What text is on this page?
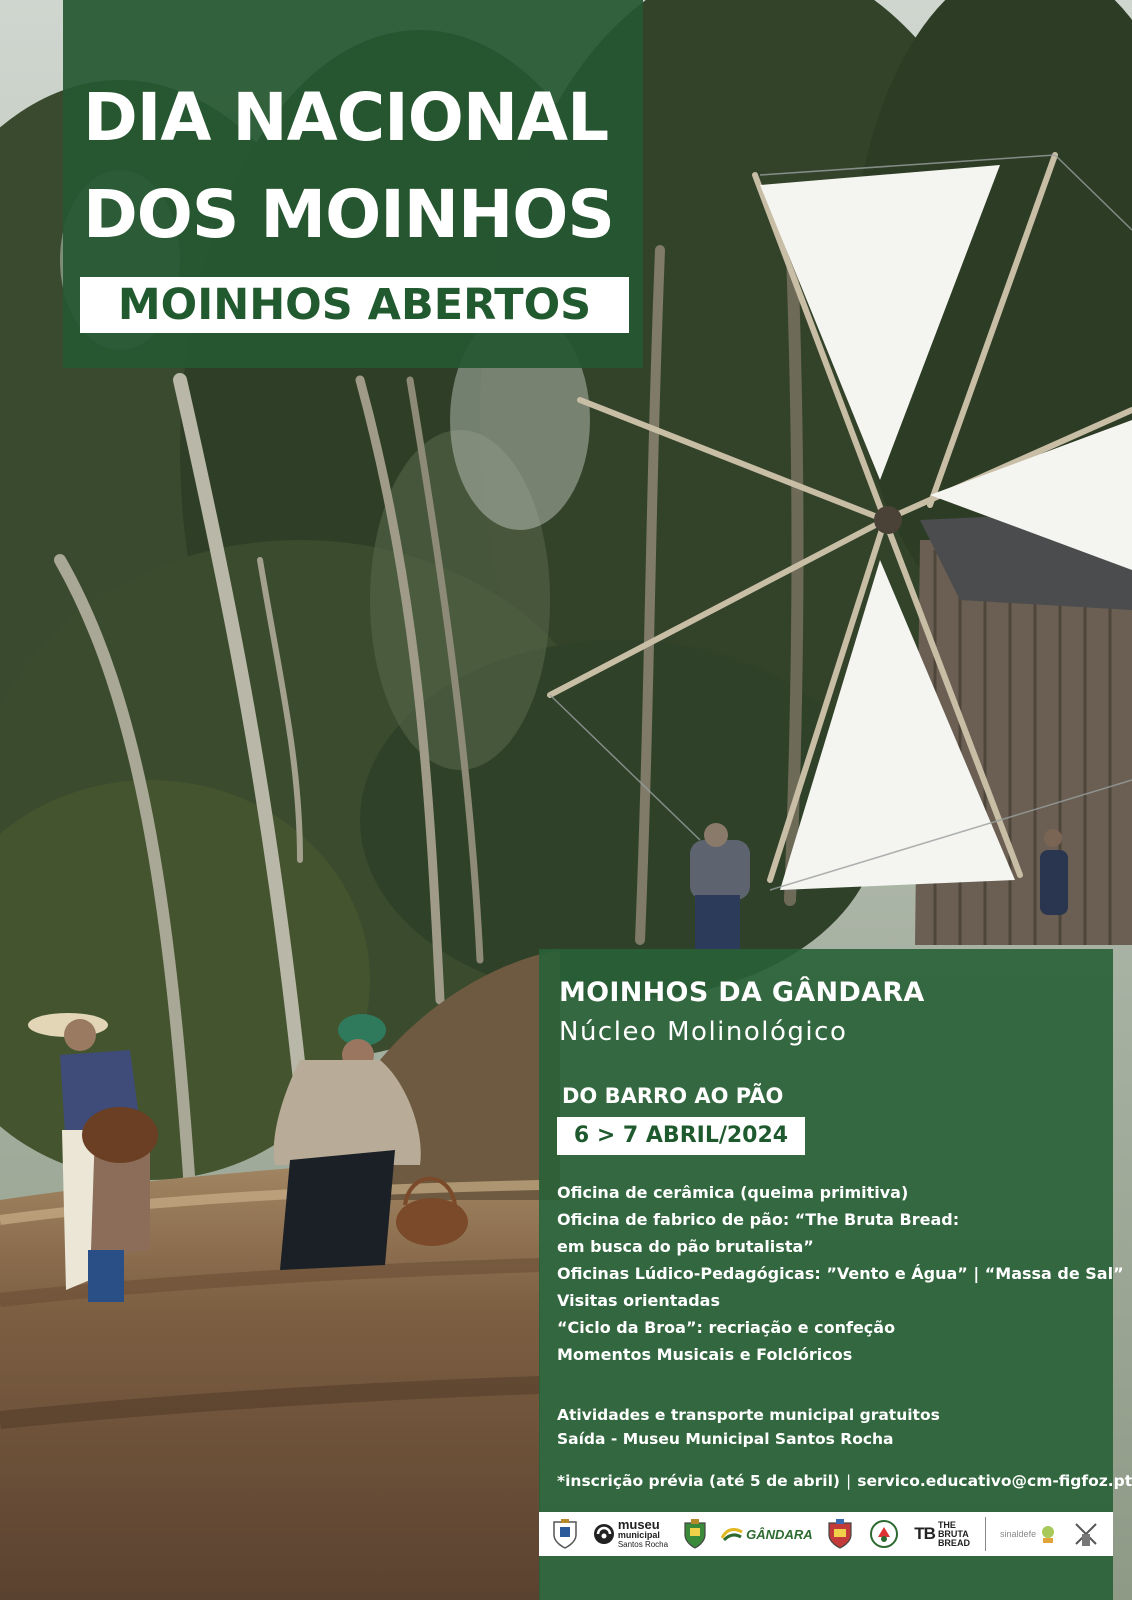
DIA NACIONAL
DOS MOINHOS
MOINHOS ABERTOS
MOINHOS DA GÂNDARA
Núcleo Molinológico
DO BARRO AO PÃO
6 > 7 ABRIL/2024
Oficina de cerâmica (queima primitiva)
Oficina de fabrico de pão: “The Bruta Bread:
em busca do pão brutalista”
Oficinas Lúdico-Pedagógicas: ”Vento e Água” | “Massa de Sal”
Visitas orientadas
“Ciclo da Broa”: recriação e confeção
Momentos Musicais e Folclóricos
Atividades e transporte municipal gratuitos
Saída - Museu Municipal Santos Rocha
*inscrição prévia (até 5 de abril) | servico.educativo@cm-figfoz.pt
museu
municipal
Santos Rocha
GÂNDARA	TB THE
BRUTA
BREAD
sinaldefe
